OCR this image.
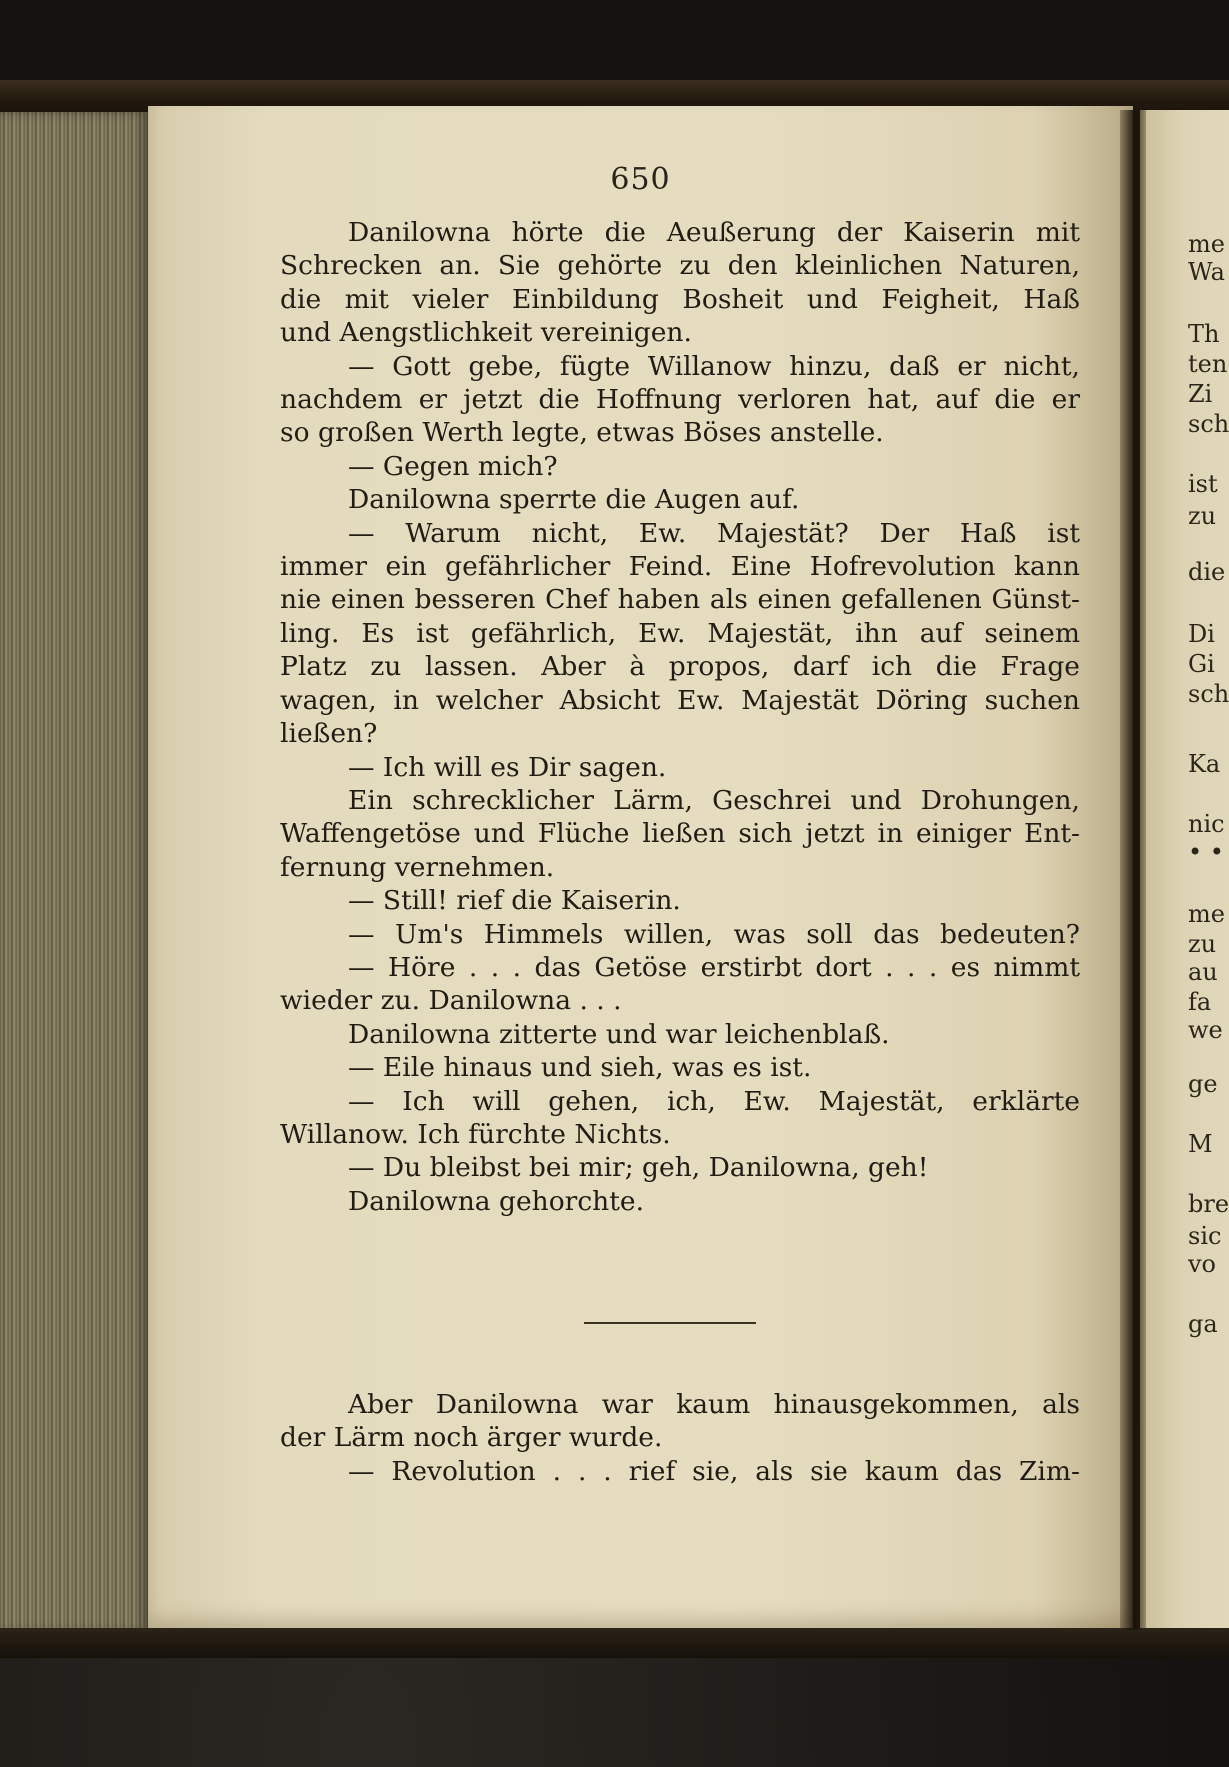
650
Danilowna hörte die Aeußerung der Kaiserin mit
Schrecken an. Sie gehörte zu den kleinlichen Naturen,
die mit vieler Einbildung Bosheit und Feigheit, Haß
und Aengstlichkeit vereinigen.
— Gott gebe, fügte Willanow hinzu, daß er nicht,
nachdem er jetzt die Hoffnung verloren hat, auf die er
so großen Werth legte, etwas Böses anstelle.
— Gegen mich?
Danilowna sperrte die Augen auf.
— Warum nicht, Ew. Majestät? Der Haß ist
immer ein gefährlicher Feind. Eine Hofrevolution kann
nie einen besseren Chef haben als einen gefallenen Günst-
ling. Es ist gefährlich, Ew. Majestät, ihn auf seinem
Platz zu lassen. Aber à propos, darf ich die Frage
wagen, in welcher Absicht Ew. Majestät Döring suchen
ließen?
— Ich will es Dir sagen.
Ein schrecklicher Lärm, Geschrei und Drohungen,
Waffengetöse und Flüche ließen sich jetzt in einiger Ent-
fernung vernehmen.
— Still! rief die Kaiserin.
— Um's Himmels willen, was soll das bedeuten?
— Höre . . . das Getöse erstirbt dort . . . es nimmt
wieder zu. Danilowna . . .
Danilowna zitterte und war leichenblaß.
— Eile hinaus und sieh, was es ist.
— Ich will gehen, ich, Ew. Majestät, erklärte
Willanow. Ich fürchte Nichts.
— Du bleibst bei mir; geh, Danilowna, geh!
Danilowna gehorchte.
Aber Danilowna war kaum hinausgekommen, als
der Lärm noch ärger wurde.
— Revolution . . . rief sie, als sie kaum das Zim-
me
Wa
Th
ten
Zi
sch
ist
zu
die
Di
Gi
sch
Ka
nic
• •
me
zu
au
fa
we
ge
M
bre
sic
vo
ga
